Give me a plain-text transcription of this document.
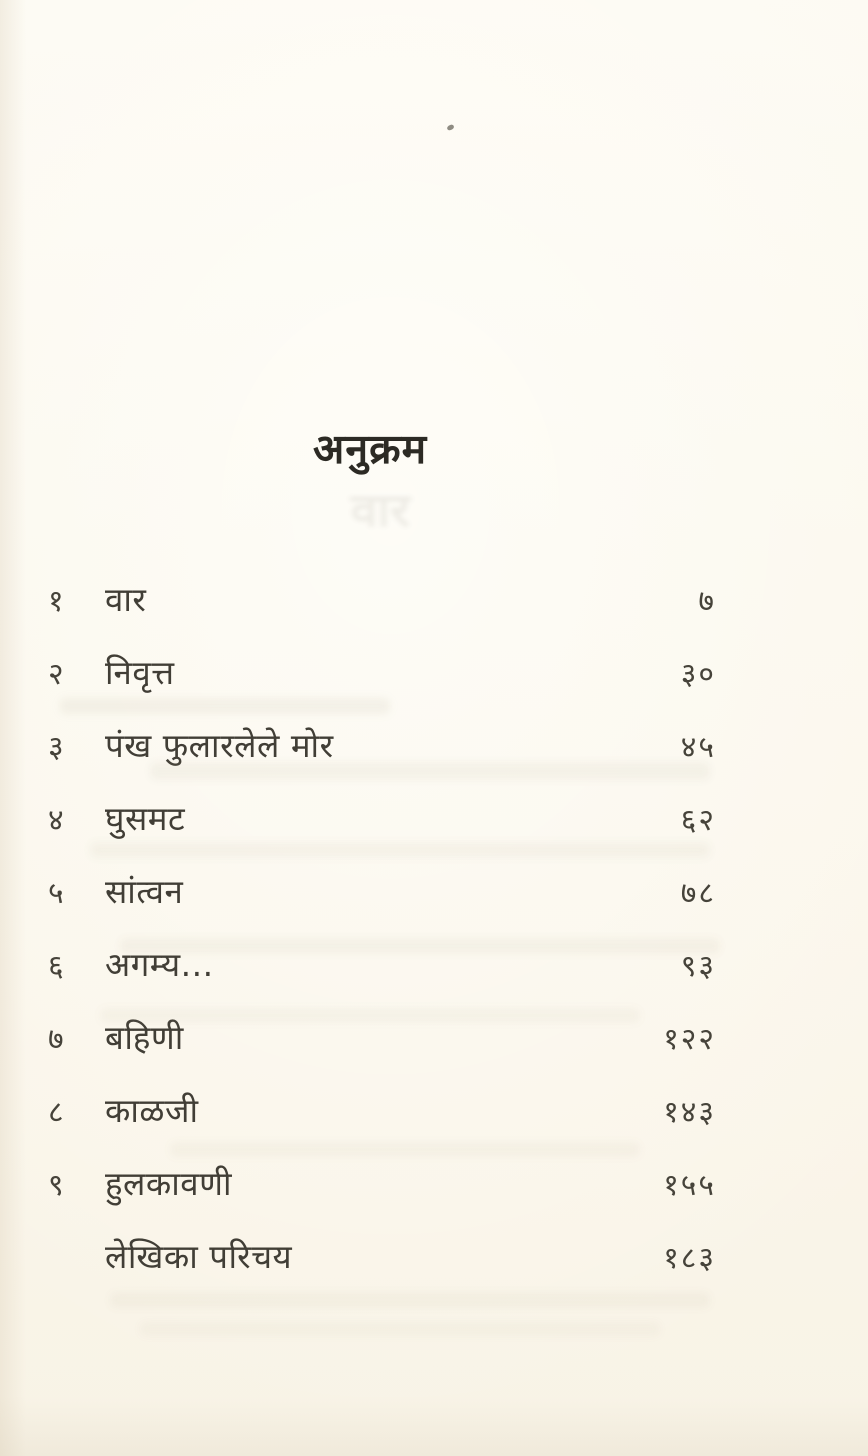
अनुक्रम
वार
१	वार	७
२	निवृत्त	३०
३	पंख फुलारलेले मोर	४५
४	घुसमट	६२
५	सांत्वन	७८
६	अगम्य...	९३
७	बहिणी	१२२
८	काळजी	१४३
९	हुलकावणी	१५५
लेखिका परिचय	१८३
